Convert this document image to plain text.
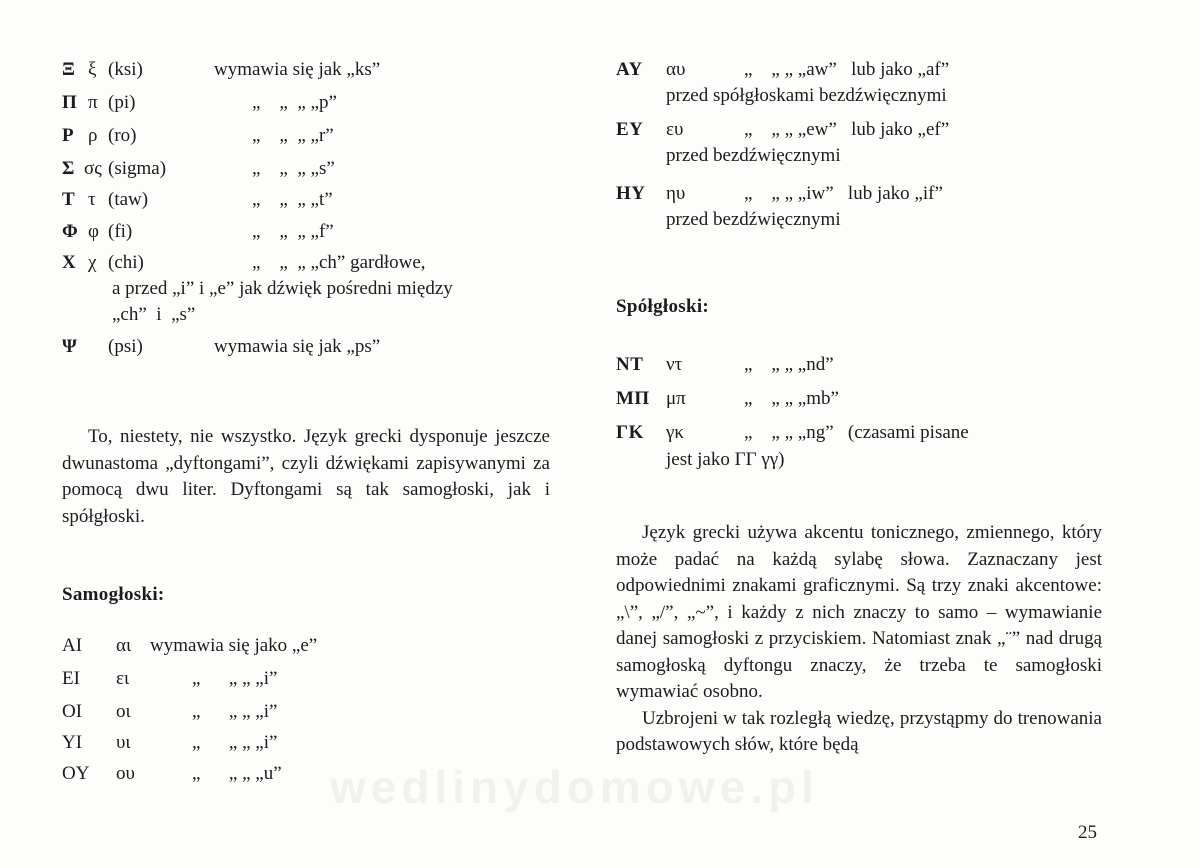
Ξ ξ (ksi)	wymawia się jak „ks”
Π π (pi)	„    „  „ „p”
Ρ ρ (ro)	„    „  „ „r”
Σ σς (sigma)	„    „  „ „s”
Τ τ (taw)	„    „  „ „t”
Φ φ (fi)	„    „  „ „f”
Χ χ (chi)	„    „  „ „ch” gardłowe,
a przed „i” i „e” jak dźwięk pośredni między
„ch”  i  „s”
Ψ (psi)	wymawia się jak „ps”

To, niestety, nie wszystko. Język grecki dysponuje jeszcze dwunastoma „dyftongami”, czyli dźwiękami zapisywanymi za pomocą dwu liter. Dyftongami są tak samogłoski, jak i spółgłoski.

Samogłoski:
AI αι wymawia się jako „e”
EI ει	„      „ „ „i”
OI οι	„      „ „ „i”
YI υι	„      „ „ „i”
OY ου	„      „ „ „u”
AY αυ	„    „ „ „aw”   lub jako „af”
przed spółgłoskami bezdźwięcznymi
EY ευ	„    „ „ „ew”   lub jako „ef”
przed bezdźwięcznymi
HY ηυ	„    „ „ „iw”   lub jako „if”
przed bezdźwięcznymi
Spółgłoski:
NT ντ	„    „ „ „nd”
ΜΠ μπ	„    „ „ „mb”
ΓΚ γκ	„    „ „ „ng”   (czasami pisane
jest jako ΓΓ γγ)

Język grecki używa akcentu tonicznego, zmiennego, który może padać na każdą sylabę słowa. Zaznaczany jest odpowiednimi znakami graficznymi. Są trzy znaki akcentowe: „\”, „/”, „~”, i każdy z nich znaczy to samo – wymawianie danej samogłoski z przyciskiem. Natomiast znak „¨” nad drugą samogłoską dyftongu znaczy, że trzeba te samogłoski wymawiać osobno.

Uzbrojeni w tak rozległą wiedzę, przystąpmy do trenowania podstawowych słów, które będą

25
wedlinydomowe.pl
